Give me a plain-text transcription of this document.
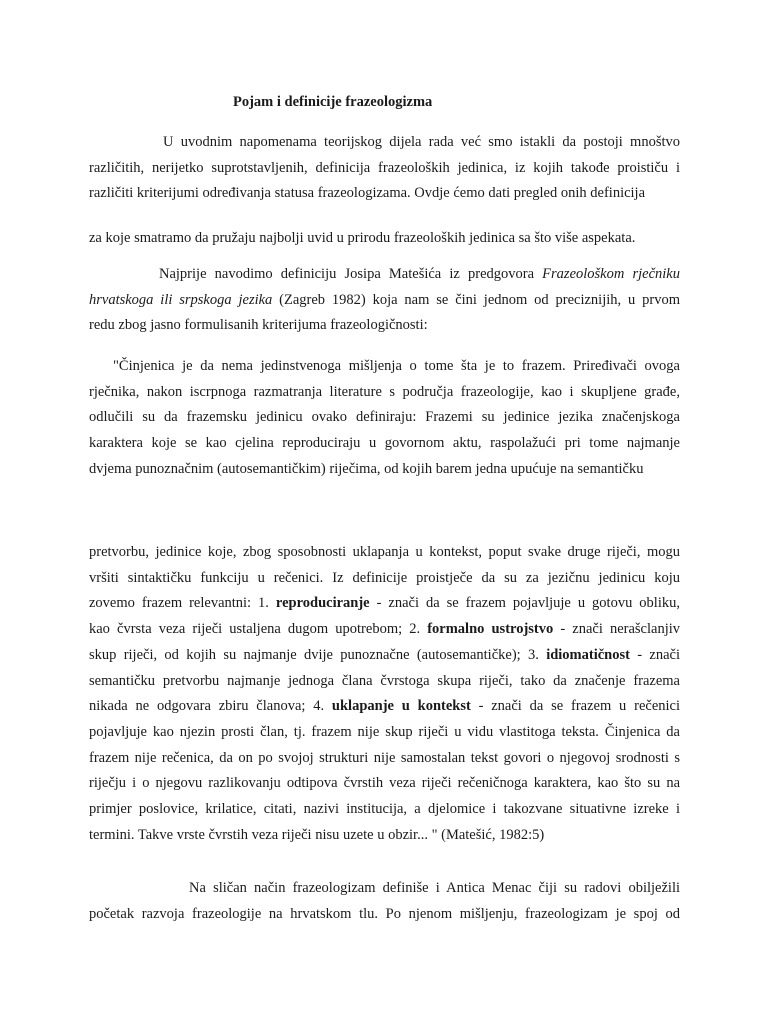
Pojam i definicije frazeologizma
U uvodnim napomenama teorijskog dijela rada već smo istakli da postoji mnoštvo
različitih, nerijetko suprotstavljenih, definicija frazeoloških jedinica, iz kojih takođe proističu i
različiti kriterijumi određivanja statusa frazeologizama. Ovdje ćemo dati pregled onih definicija
za koje smatramo da pružaju najbolji uvid u prirodu frazeoloških jedinica sa što više aspekata.
Najprije navodimo definiciju Josipa Matešića iz predgovora Frazeološkom rječniku
hrvatskoga ili srpskoga jezika (Zagreb 1982) koja nam se čini jednom od preciznijih, u prvom
redu zbog jasno formulisanih kriterijuma frazeologičnosti:
"Činjenica je da nema jedinstvenoga mišljenja o tome šta je to frazem. Priređivači ovoga
rječnika, nakon iscrpnoga razmatranja literature s područja frazeologije, kao i skupljene građe,
odlučili su da frazemsku jedinicu ovako definiraju: Frazemi su jedinice jezika značenjskoga
karaktera koje se kao cjelina reproduciraju u govornom aktu, raspolažući pri tome najmanje
dvjema punoznačnim (autosemantičkim) riječima, od kojih barem jedna upućuje na semantičku
pretvorbu, jedinice koje, zbog sposobnosti uklapanja u kontekst, poput svake druge riječi, mogu
vršiti sintaktičku funkciju u rečenici. Iz definicije proistječe da su za jezičnu jedinicu koju
zovemo frazem relevantni: 1. reproduciranje - znači da se frazem pojavljuje u gotovu obliku,
kao čvrsta veza riječi ustaljena dugom upotrebom; 2. formalno ustrojstvo - znači nerašclanjiv
skup riječi, od kojih su najmanje dvije punoznačne (autosemantičke); 3. idiomatičnost - znači
semantičku pretvorbu najmanje jednoga člana čvrstoga skupa riječi, tako da značenje frazema
nikada ne odgovara zbiru članova; 4. uklapanje u kontekst - znači da se frazem u rečenici
pojavljuje kao njezin prosti član, tj. frazem nije skup riječi u vidu vlastitoga teksta. Činjenica da
frazem nije rečenica, da on po svojoj strukturi nije samostalan tekst govori o njegovoj srodnosti s
riječju i o njegovu razlikovanju odtipova čvrstih veza riječi rečeničnoga karaktera, kao što su na
primjer poslovice, krilatice, citati, nazivi institucija, a djelomice i takozvane situativne izreke i
termini. Takve vrste čvrstih veza riječi nisu uzete u obzir... " (Matešić, 1982:5)
Na sličan način frazeologizam definiše i Antica Menac čiji su radovi obilježili
početak razvoja frazeologije na hrvatskom tlu. Po njenom mišljenju, frazeologizam je spoj od
